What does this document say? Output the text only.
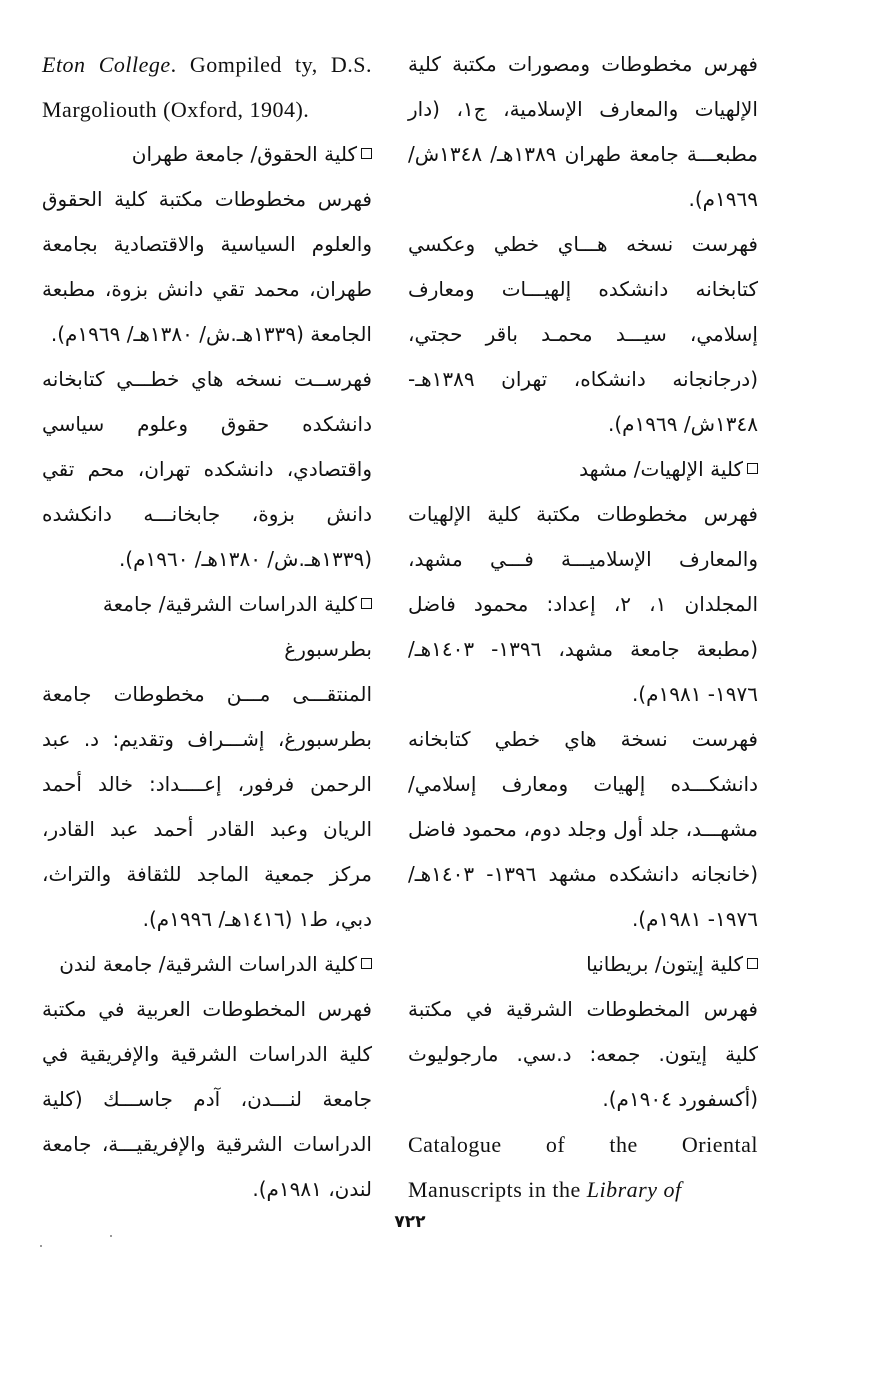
فهرس مخطوطات ومصورات مكتبة كلية الإلهيات والمعارف الإسلامية، ج١، (دار مطبعـــة جامعة طهران ١٣٨٩هـ/ ١٣٤٨ش/ ١٩٦٩م).

فهرست نسخه هـــاي خطي وعكسي كتابخانه دانشكده إلهيـــات ومعارف إسلامي، سيـــد محمـد باقر حجتي، (درجانجانه دانشكاه، تهران ١٣٨٩هـ- ١٣٤٨ش/ ١٩٦٩م).

كلية الإلهيات/ مشهد

فهرس مخطوطات مكتبة كلية الإلهيات والمعارف الإسلاميـــة فـــي مشهد، المجلدان ١، ٢، إعداد: محمود فاضل (مطبعة جامعة مشهد، ١٣٩٦- ١٤٠٣هـ/ ١٩٧٦- ١٩٨١م).

فهرست نسخة هاي خطي كتابخانه دانشكـــده إلهيات ومعارف إسلامي/ مشهـــد، جلد أول وجلد دوم، محمود فاضل (خانجانه دانشكده مشهد ١٣٩٦- ١٤٠٣هـ/ ١٩٧٦- ١٩٨١م).

كلية إيتون/ بريطانيا

فهرس المخطوطات الشرقية في مكتبة كلية إيتون. جمعه: د.سي. مارجوليوث (أكسفورد ١٩٠٤م).

Catalogue of the Oriental Manuscripts in the Library of

Eton College. Gompiled ty, D.S. Margoliouth (Oxford, 1904).

كلية الحقوق/ جامعة طهران

فهرس مخطوطات مكتبة كلية الحقوق والعلوم السياسية والاقتصادية بجامعة طهران، محمد تقي دانش بزوة، مطبعة الجامعة (١٣٣٩هـ.ش/ ١٣٨٠هـ/ ١٩٦٩م).

فهرســت نسخه هاي خطـــي كتابخانه دانشكده حقوق وعلوم سياسي واقتصادي، دانشكده تهران، محم تقي دانش بزوة، جابخانـــه دانكشده (١٣٣٩هـ.ش/ ١٣٨٠هـ/ ١٩٦٠م).

كلية الدراسات الشرقية/ جامعة بطرسبورغ

المنتقـــى مـــن مخطوطات جامعة بطرسبورغ، إشـــراف وتقديم: د. عبد الرحمن فرفور، إعــــداد: خالد أحمد الريان وعبد القادر أحمد عبد القادر، مركز جمعية الماجد للثقافة والتراث، دبي، ط١ (١٤١٦هـ/ ١٩٩٦م).

كلية الدراسات الشرقية/ جامعة لندن

فهرس المخطوطات العربية في مكتبة كلية الدراسات الشرقية والإفريقية في جامعة لنـــدن، آدم جاســـك (كلية الدراسات الشرقية والإفريقيـــة، جامعة لندن، ١٩٨١م).

٧٢٢
